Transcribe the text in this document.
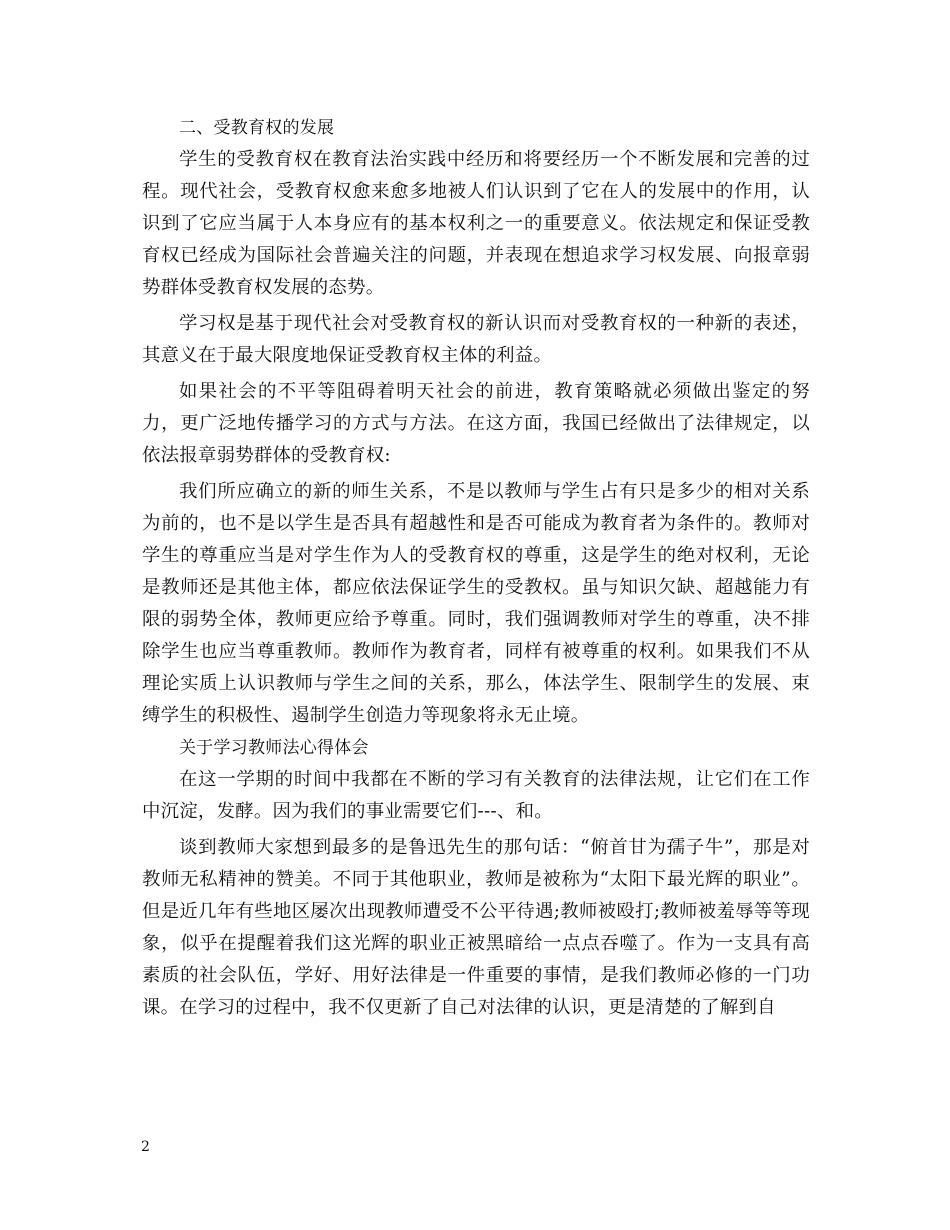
二、受教育权的发展

学生的受教育权在教育法治实践中经历和将要经历一个不断发展和完善的过程。现代社会，受教育权愈来愈多地被人们认识到了它在人的发展中的作用，认识到了它应当属于人本身应有的基本权利之一的重要意义。依法规定和保证受教育权已经成为国际社会普遍关注的问题，并表现在想追求学习权发展、向报章弱势群体受教育权发展的态势。

学习权是基于现代社会对受教育权的新认识而对受教育权的一种新的表述，其意义在于最大限度地保证受教育权主体的利益。

如果社会的不平等阻碍着明天社会的前进，教育策略就必须做出鉴定的努力，更广泛地传播学习的方式与方法。在这方面，我国已经做出了法律规定，以依法报章弱势群体的受教育权:

我们所应确立的新的师生关系，不是以教师与学生占有只是多少的相对关系为前的，也不是以学生是否具有超越性和是否可能成为教育者为条件的。教师对学生的尊重应当是对学生作为人的受教育权的尊重，这是学生的绝对权利，无论是教师还是其他主体，都应依法保证学生的受教权。虽与知识欠缺、超越能力有限的弱势全体，教师更应给予尊重。同时，我们强调教师对学生的尊重，决不排除学生也应当尊重教师。教师作为教育者，同样有被尊重的权利。如果我们不从理论实质上认识教师与学生之间的关系，那么，体法学生、限制学生的发展、束缚学生的积极性、遏制学生创造力等现象将永无止境。

关于学习教师法心得体会

在这一学期的时间中我都在不断的学习有关教育的法律法规，让它们在工作中沉淀，发酵。因为我们的事业需要它们---、和。

谈到教师大家想到最多的是鲁迅先生的那句话：“俯首甘为孺子牛”，那是对教师无私精神的赞美。不同于其他职业，教师是被称为“太阳下最光辉的职业”。但是近几年有些地区屡次出现教师遭受不公平待遇;教师被殴打;教师被羞辱等等现象，似乎在提醒着我们这光辉的职业正被黑暗给一点点吞噬了。作为一支具有高素质的社会队伍，学好、用好法律是一件重要的事情，是我们教师必修的一门功课。在学习的过程中，我不仅更新了自己对法律的认识，更是清楚的了解到自

2
